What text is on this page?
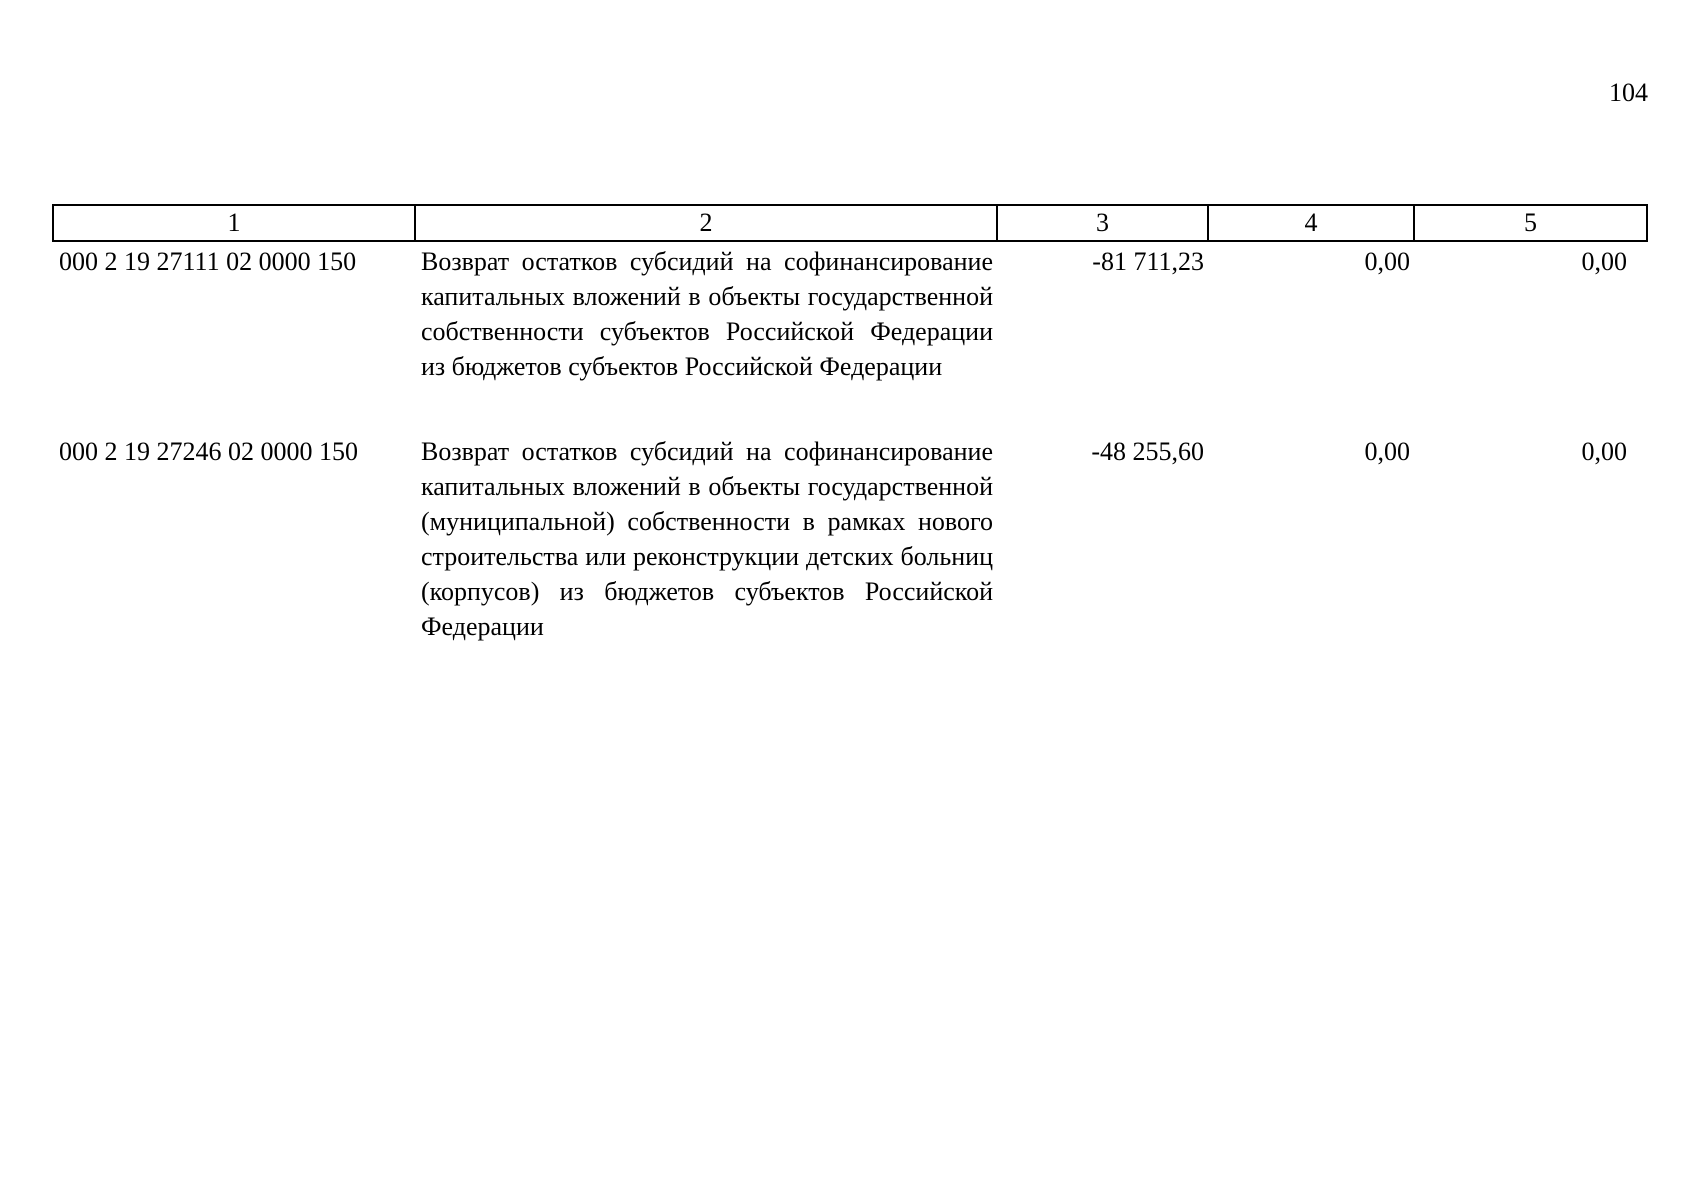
104
1	2	3	4	5
000 2 19 27111 02 0000 150	Возврат остатков субсидий на софинансирование капитальных вложений в объекты государственной собственности субъектов Российской Федерации из бюджетов субъектов Российской Федерации	-81 711,23	0,00	0,00
000 2 19 27246 02 0000 150	Возврат остатков субсидий на софинансирование капитальных вложений в объекты государственной (муниципальной) собственности в рамках нового строительства или реконструкции детских больниц (корпусов) из бюджетов субъектов Российской Федерации	-48 255,60	0,00	0,00
